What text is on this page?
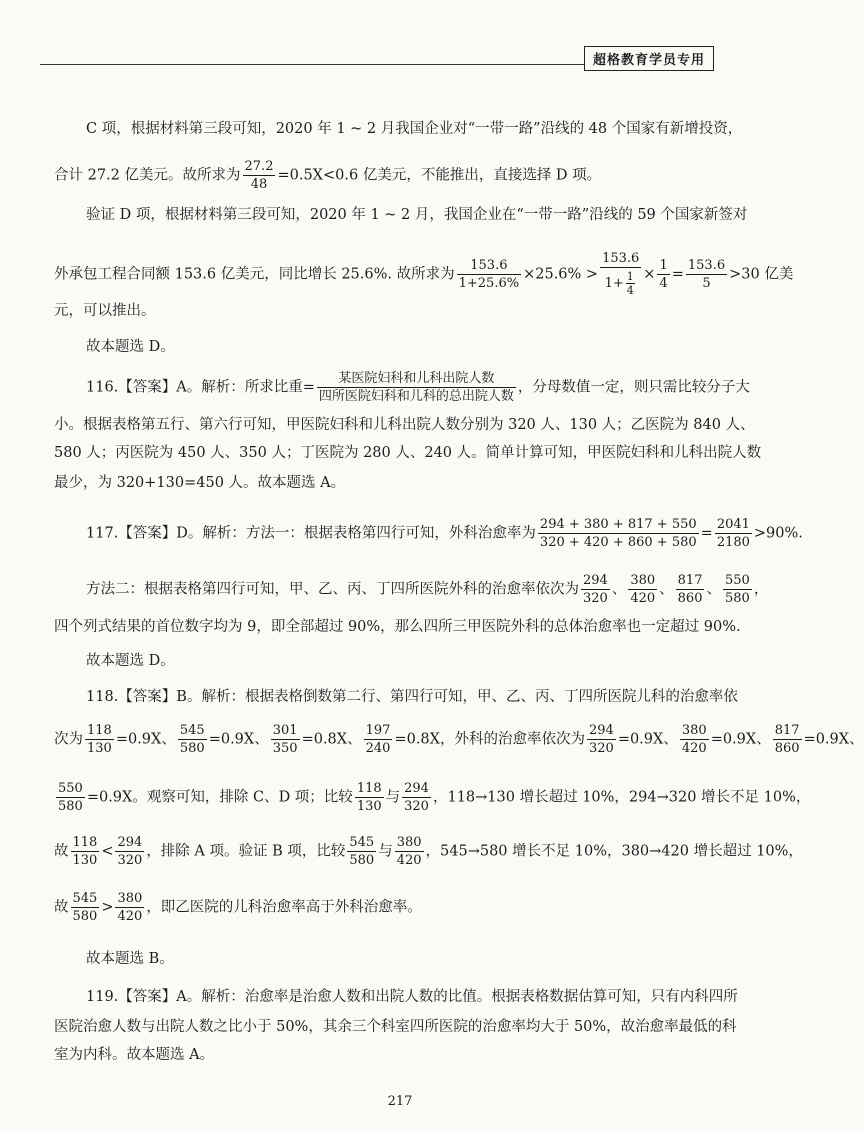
超格教育学员专用
C 项，根据材料第三段可知，2020 年 1 ~ 2 月我国企业对“一带一路”沿线的 48 个国家有新增投资，
合计 27.2 亿美元。故所求为 $\frac{27.2}{48} =0.5X<0.6$ 亿美元，不能推出，直接选择 D 项。
验证 D 项，根据材料第三段可知，2020 年 1 ~ 2 月，我国企业在“一带一路”沿线的 59 个国家新签对
外承包工程合同额 153.6 亿美元，同比增长 25.6%. 故所求为 $\frac{153.6}{1+25.6\%} \times 25.6\% > \frac{153.6}{1+ \frac{1}{4}} \times \frac{1}{4} = \frac{153.6}{5} >30$ 亿美
元，可以推出。
故本题选 D。
116.【答案】A。解析：所求比重= $\frac{\text{某医院妇科和儿科出院人数}}{\text{四所医院妇科和儿科的总出院人数}}$ ，分母数值一定，则只需比较分子大
小。根据表格第五行、第六行可知，甲医院妇科和儿科出院人数分别为 320 人、130 人；乙医院为 840 人、
580 人；丙医院为 450 人、350 人；丁医院为 280 人、240 人。简单计算可知，甲医院妇科和儿科出院人数
最少，为 320+130=450 人。故本题选 A。
117.【答案】D。解析：方法一：根据表格第四行可知，外科治愈率为 $\frac{294 + 380 + 817 + 550}{320 + 420 + 860 + 580} = \frac{2041}{2180} >90\%$.
方法二：根据表格第四行可知，甲、乙、丙、丁四所医院外科的治愈率依次为 $\frac{294}{320}$ 、 $\frac{380}{420}$ 、 $\frac{817}{860}$ 、 $\frac{550}{580}$ ，
四个列式结果的首位数字均为 9，即全部超过 90%，那么四所三甲医院外科的总体治愈率也一定超过 90%.
故本题选 D。
118.【答案】B。解析：根据表格倒数第二行、第四行可知，甲、乙、丙、丁四所医院儿科的治愈率依
次为 $\frac{118}{130} =0.9X$、 $\frac{545}{580} =0.9X$、 $\frac{301}{350} =0.8X$、 $\frac{197}{240} =0.8X$，外科的治愈率依次为 $\frac{294}{320} =0.9X$、 $\frac{380}{420} =0.9X$、 $\frac{817}{860} =0.9X$、
$\frac{550}{580} =0.9X$。观察可知，排除 C、D 项；比较 $\frac{118}{130}$ 与 $\frac{294}{320}$ ，118→130 增长超过 10%，294→320 增长不足 10%，
故 $\frac{118}{130} < \frac{294}{320}$ ，排除 A 项。验证 B 项，比较 $\frac{545}{580}$ 与 $\frac{380}{420}$ ，545→580 增长不足 10%，380→420 增长超过 10%，
故 $\frac{545}{580} > \frac{380}{420}$ ，即乙医院的儿科治愈率高于外科治愈率。
故本题选 B。
119.【答案】A。解析：治愈率是治愈人数和出院人数的比值。根据表格数据估算可知，只有内科四所
医院治愈人数与出院人数之比小于 50%，其余三个科室四所医院的治愈率均大于 50%，故治愈率最低的科
室为内科。故本题选 A。
217
